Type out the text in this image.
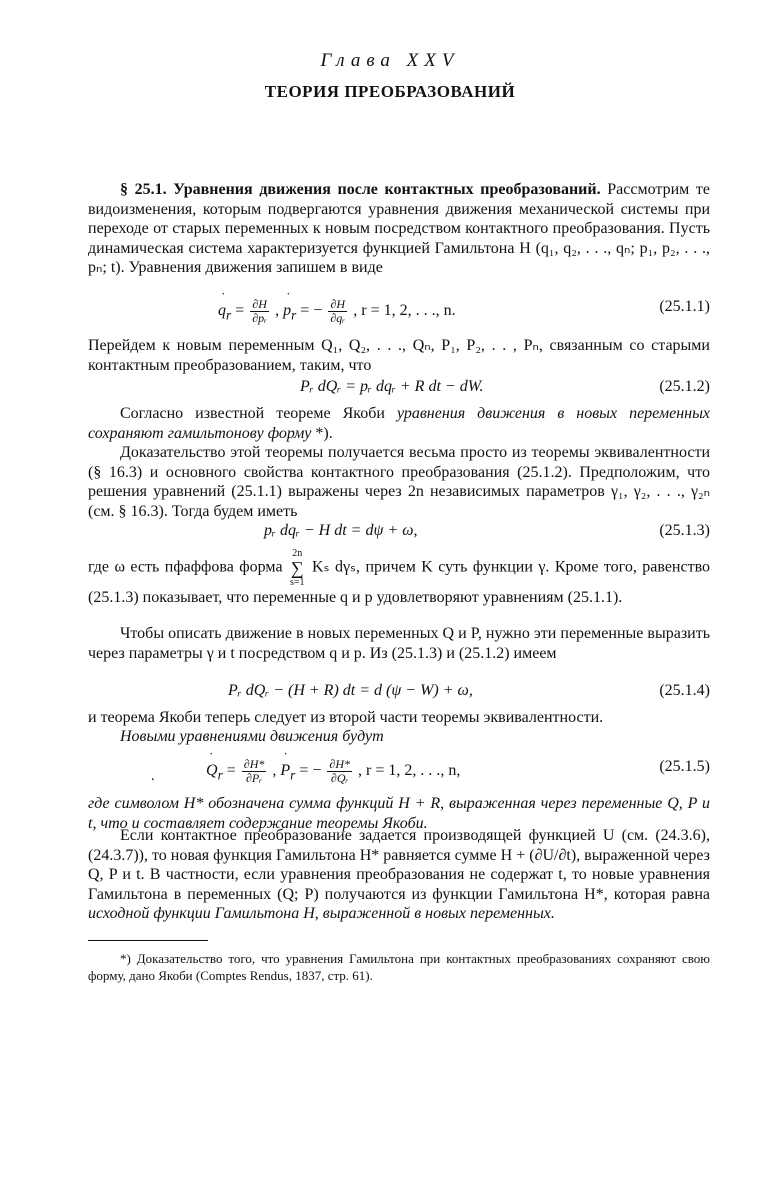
Глава XXV
ТЕОРИЯ ПРЕОБРАЗОВАНИЙ
§ 25.1. Уравнения движения после контактных преобразований. Рассмотрим те видоизменения, которым подвергаются уравнения движения механической системы при переходе от старых переменных к новым посредством контактного преобразования. Пусть динамическая система характеризуется функцией Гамильтона H (q₁, q₂, . . ., qₙ; p₁, p₂, . . ., pₙ; t). Уравнения движения запишем в виде
˙ $q_r = \frac{\partial H}{\text{∂pᵣ}}$ , ˙ $p_r$ = − $\frac{\partial H}{\text{∂qᵣ}}$ , r = 1, 2, . . ., n.	(25.1.1)
Перейдем к новым переменным Q₁, Q₂, . . ., Qₙ, P₁, P₂, . . , Pₙ, связанным со старыми контактным преобразованием, таким, что
Pᵣ dQᵣ = pᵣ dqᵣ + R dt − dW.	(25.1.2)
Согласно известной теореме Якоби уравнения движения в новых переменных сохраняют гамильтонову форму *).
Доказательство этой теоремы получается весьма просто из теоремы эквивалентности (§ 16.3) и основного свойства контактного преобразования (25.1.2). Предположим, что решения уравнений (25.1.1) выражены через 2n независимых параметров γ₁, γ₂, . . ., γ₂ₙ (см. § 16.3). Тогда будем иметь
pᵣ dqᵣ − H dt = dψ + ω,	(25.1.3)
где ω есть пфаффова форма
2n
∑
s=1
Kₛ dγₛ, причем K суть функции γ. Кроме того, равенство (25.1.3) показывает, что переменные q и p удовлетворяют уравнениям (25.1.1).
Чтобы описать движение в новых переменных Q и P, нужно эти переменные выразить через параметры γ и t посредством q и p. Из (25.1.3) и (25.1.2) имеем
Pᵣ dQᵣ − (H + R) dt = d (ψ − W) + ω,	(25.1.4)
и теорема Якоби теперь следует из второй части теоремы эквивалентности.
Новыми уравнениями движения будут
˛
˙	$Q_r = \frac{\partial H*}{\text{∂Pᵣ}}$ , ˙ $P_r$ = − $\frac{\partial H*}{\text{∂Qᵣ}}$ , r = 1, 2, . . ., n,	(25.1.5)
где символом H* обозначена сумма функций H + R, выраженная через переменные Q, P и t, что и составляет содержание теоремы Якоби.
Если контактное преобразование задается производящей функцией U (см. (24.3.6), (24.3.7)), то новая функция Гамильтона H* равняется сумме H + (∂U/∂t), выраженной через Q, P и t. В частности, если уравнения преобразования не содержат t, то новые уравнения Гамильтона в переменных (Q; P) получаются из функции Гамильтона H*, которая равна исходной функции Гамильтона H, выраженной в новых переменных.
*) Доказательство того, что уравнения Гамильтона при контактных преобразованиях сохраняют свою форму, дано Якоби (Comptes Rendus, 1837, стр. 61).
